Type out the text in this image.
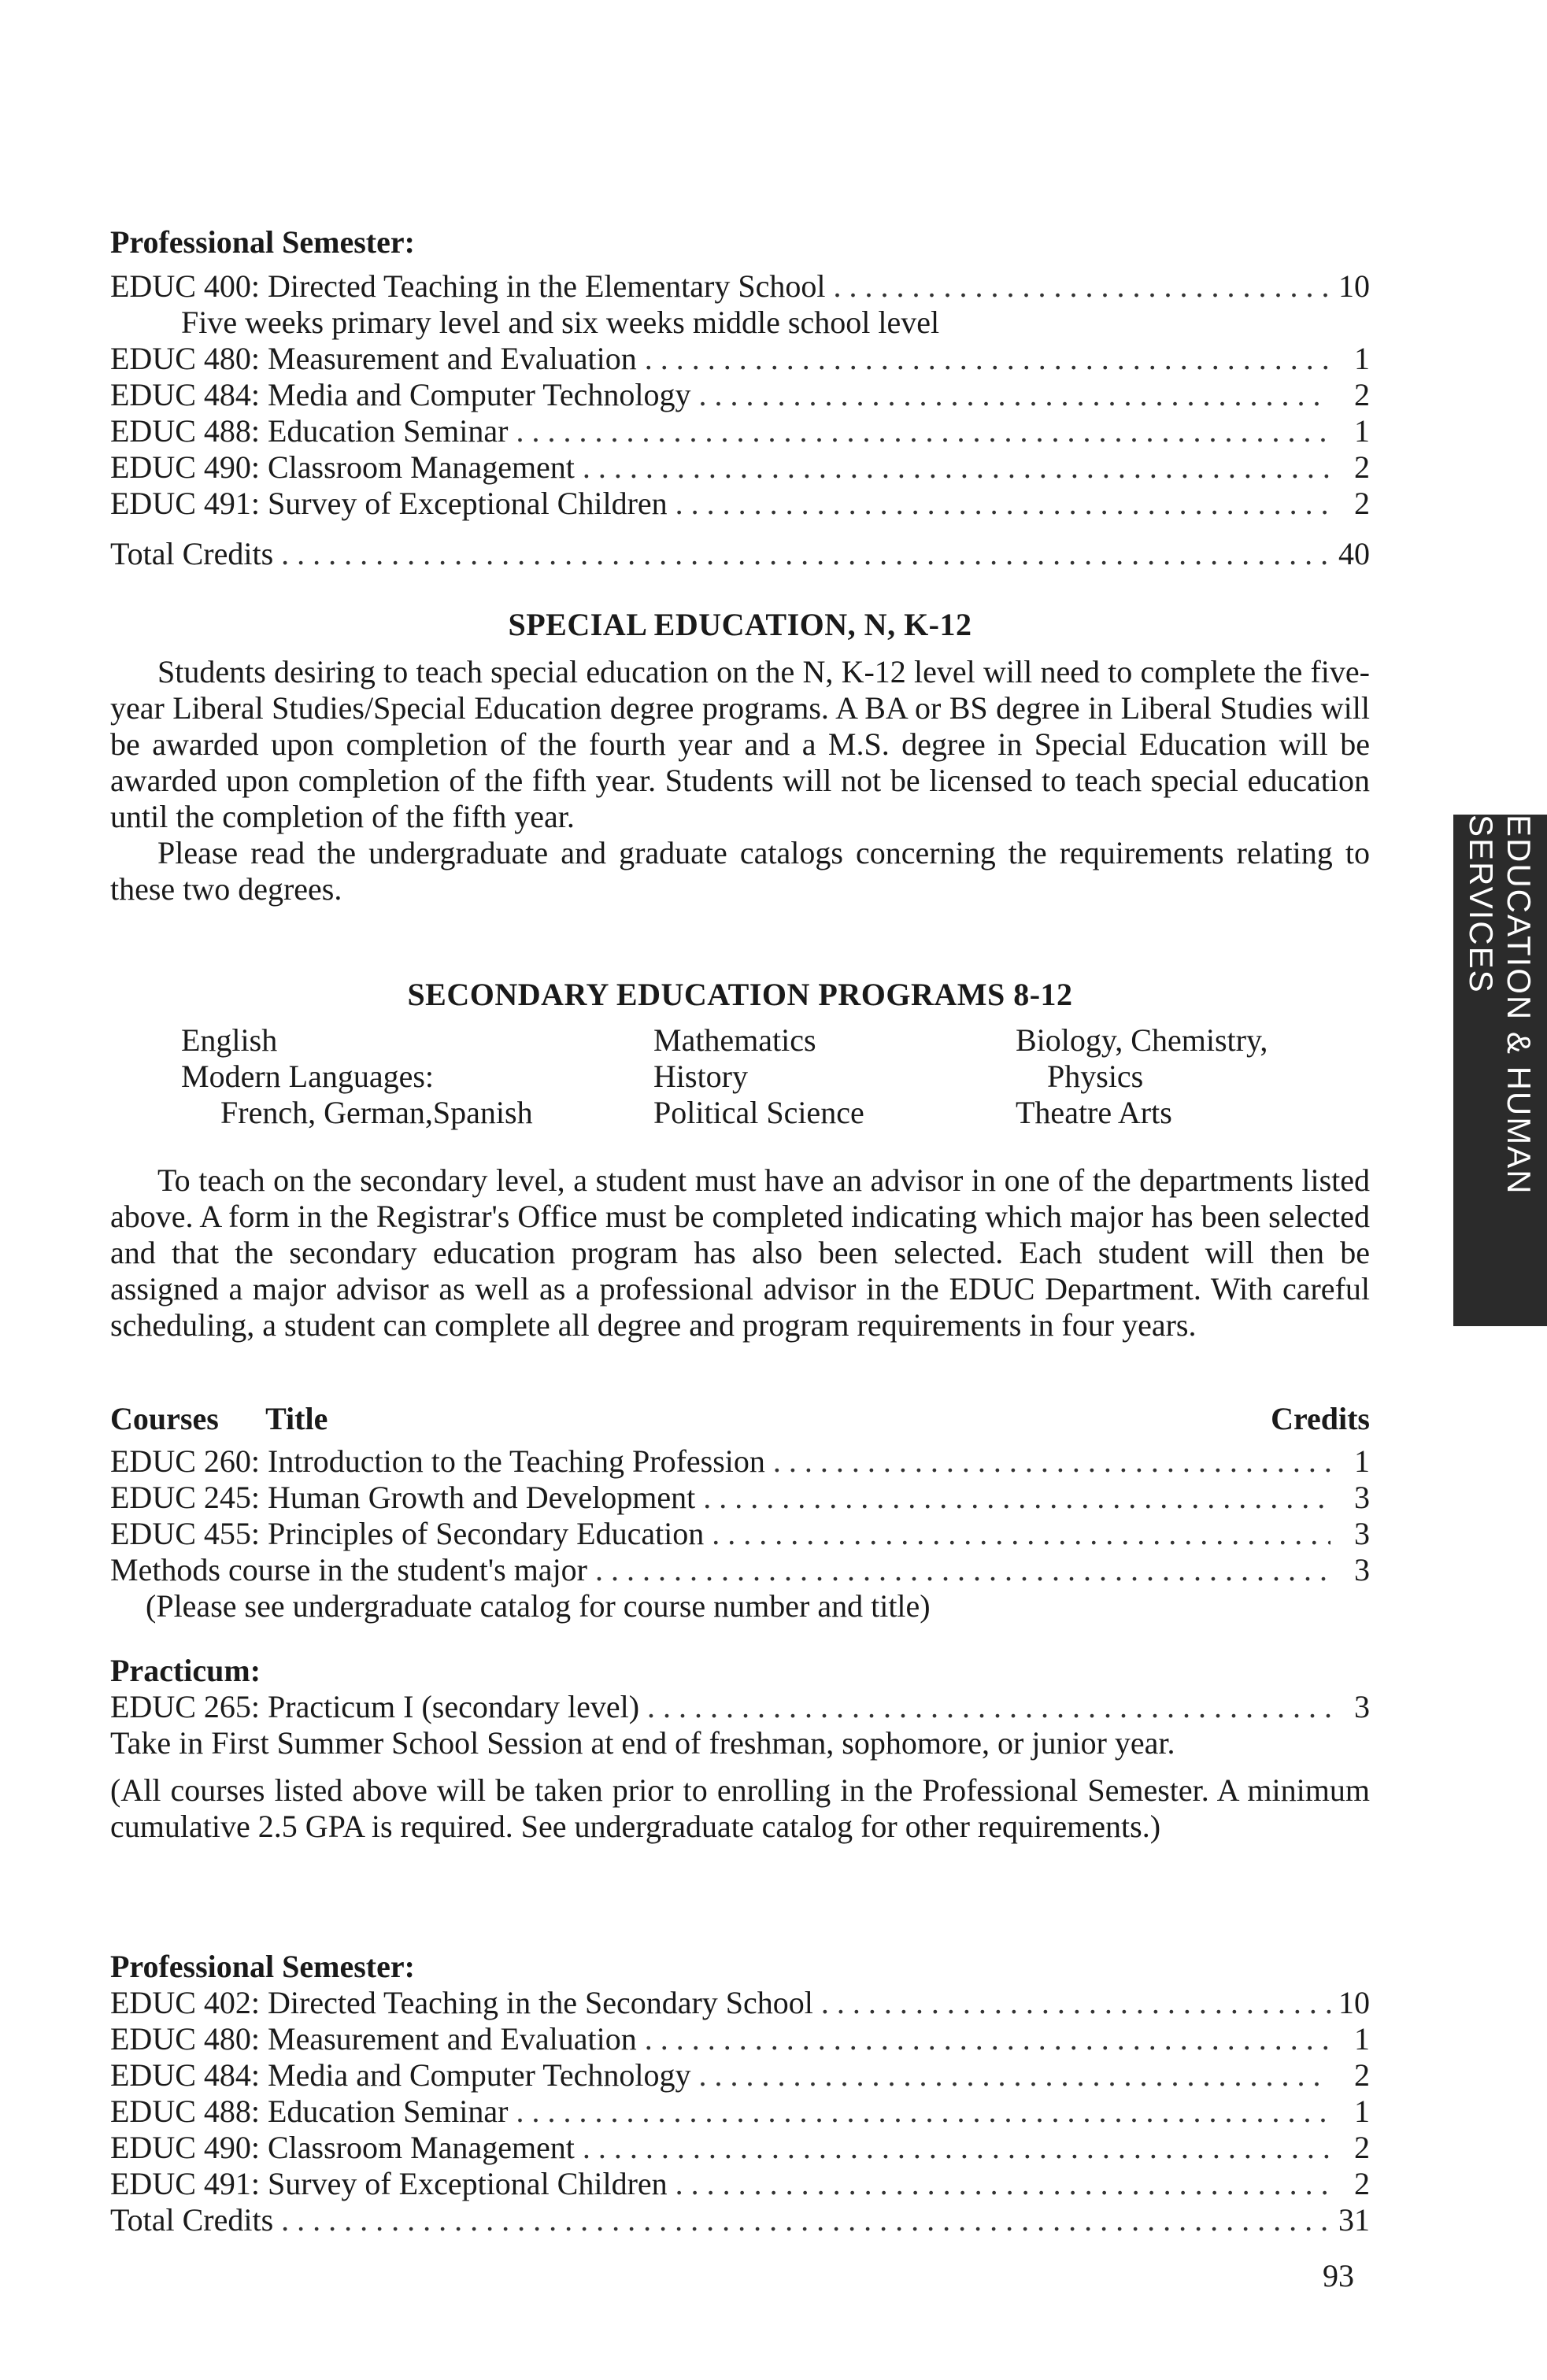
Professional Semester:
EDUC 400: Directed Teaching in the Elementary School . . .	10
Five weeks primary level and six weeks middle school level
EDUC 480: Measurement and Evaluation . . .	1
EDUC 484: Media and Computer Technology . . .	2
EDUC 488: Education Seminar . . .	1
EDUC 490: Classroom Management . . .	2
EDUC 491: Survey of Exceptional Children . . .	2
Total Credits . . .	40
SPECIAL EDUCATION, N, K-12

Students desiring to teach special education on the N, K-12 level will need to complete the five-year Liberal Studies/Special Education degree programs. A BA or BS degree in Liberal Studies will be awarded upon completion of the fourth year and a M.S. degree in Special Education will be awarded upon completion of the fifth year. Students will not be licensed to teach special education until the completion of the fifth year.

Please read the undergraduate and graduate catalogs concerning the requirements relating to these two degrees.

SECONDARY EDUCATION PROGRAMS 8-12
English	Mathematics	Biology, Chemistry,
Modern Languages:	History	Physics
French, German,Spanish	Political Science	Theatre Arts

To teach on the secondary level, a student must have an advisor in one of the departments listed above. A form in the Registrar's Office must be completed indicating which major has been selected and that the secondary education program has also been selected. Each student will then be assigned a major advisor as well as a professional advisor in the EDUC Department. With careful scheduling, a student can complete all degree and program requirements in four years.

Courses Title	Credits
EDUC 260: Introduction to the Teaching Profession . . .	1
EDUC 245: Human Growth and Development . . .	3
EDUC 455: Principles of Secondary Education . . .	3
Methods course in the student's major . . .	3
(Please see undergraduate catalog for course number and title)
Practicum:
EDUC 265: Practicum I (secondary level) . . .	3
Take in First Summer School Session at end of freshman, sophomore, or junior year.
(All courses listed above will be taken prior to enrolling in the Professional Semester. A minimum cumulative 2.5 GPA is required. See undergraduate catalog for other requirements.)
Professional Semester:
EDUC 402: Directed Teaching in the Secondary School . . .	10
EDUC 480: Measurement and Evaluation . . .	1
EDUC 484: Media and Computer Technology . . .	2
EDUC 488: Education Seminar . . .	1
EDUC 490: Classroom Management . . .	2
EDUC 491: Survey of Exceptional Children . . .	2
Total Credits . . .	31
EDUCATION & HUMAN SERVICES
93
